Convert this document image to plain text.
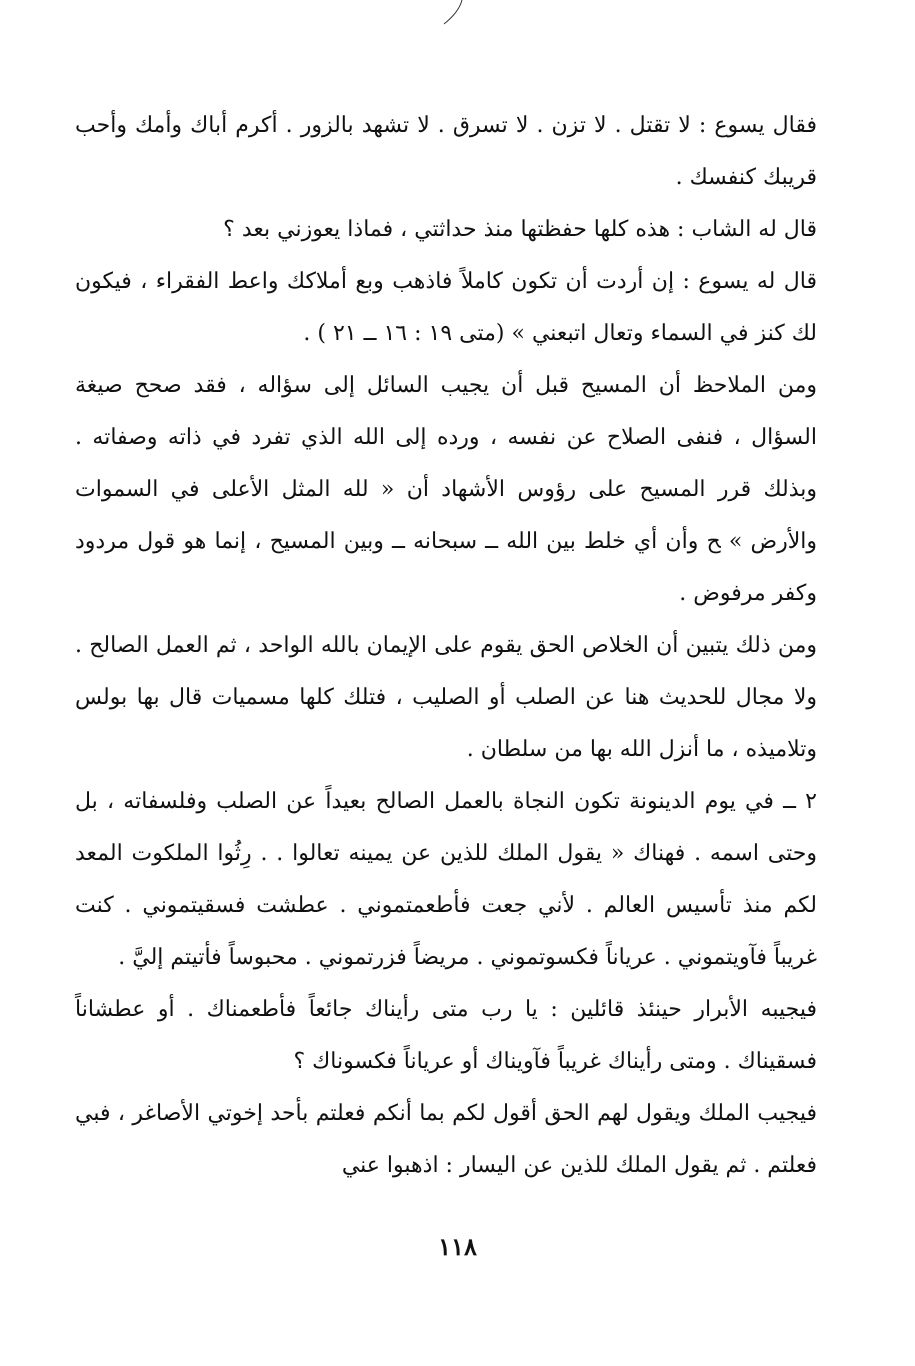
فقال يسوع : لا تقتل . لا تزن . لا تسرق . لا تشهد بالزور . أكرم أباك وأمك وأحب قريبك كنفسك .

قال له الشاب : هذه كلها حفظتها منذ حداثتي ، فماذا يعوزني بعد ؟

قال له يسوع : إن أردت أن تكون كاملاً فاذهب وبع أملاكك واعط الفقراء ، فيكون لك كنز في السماء وتعال اتبعني » (متى ١٩ : ١٦ ــ ٢١ ) .

ومن الملاحظ أن المسيح قبل أن يجيب السائل إلى سؤاله ، فقد صحح صيغة السؤال ، فنفى الصلاح عن نفسه ، ورده إلى الله الذي تفرد في ذاته وصفاته . وبذلك قرر المسيح على رؤوس الأشهاد أن « لله المثل الأعلى في السموات والأرض » ﺢ وأن أي خلط بين الله ــ سبحانه ــ وبين المسيح ، إنما هو قول مردود وكفر مرفوض .

ومن ذلك يتبين أن الخلاص الحق يقوم على الإيمان بالله الواحد ، ثم العمل الصالح . ولا مجال للحديث هنا عن الصلب أو الصليب ، فتلك كلها مسميات قال بها بولس وتلاميذه ، ما أنزل الله بها من سلطان .

٢ ــ في يوم الدينونة تكون النجاة بالعمل الصالح بعيداً عن الصلب وفلسفاته ، بل وحتى اسمه . فهناك « يقول الملك للذين عن يمينه تعالوا . . رِثُوا الملكوت المعد لكم منذ تأسيس العالم . لأني جعت فأطعمتموني . عطشت فسقيتموني . كنت غريباً فآويتموني . عرياناً فكسوتموني . مريضاً فزرتموني . محبوساً فأتيتم إليَّ .

فيجيبه الأبرار حينئذ قائلين : يا رب متى رأيناك جائعاً فأطعمناك . أو عطشاناً فسقيناك . ومتى رأيناك غريباً فآويناك أو عرياناً فكسوناك ؟

فيجيب الملك ويقول لهم الحق أقول لكم بما أنكم فعلتم بأحد إخوتي الأصاغر ، فبي فعلتم . ثم يقول الملك للذين عن اليسار : اذهبوا عني

١١٨
